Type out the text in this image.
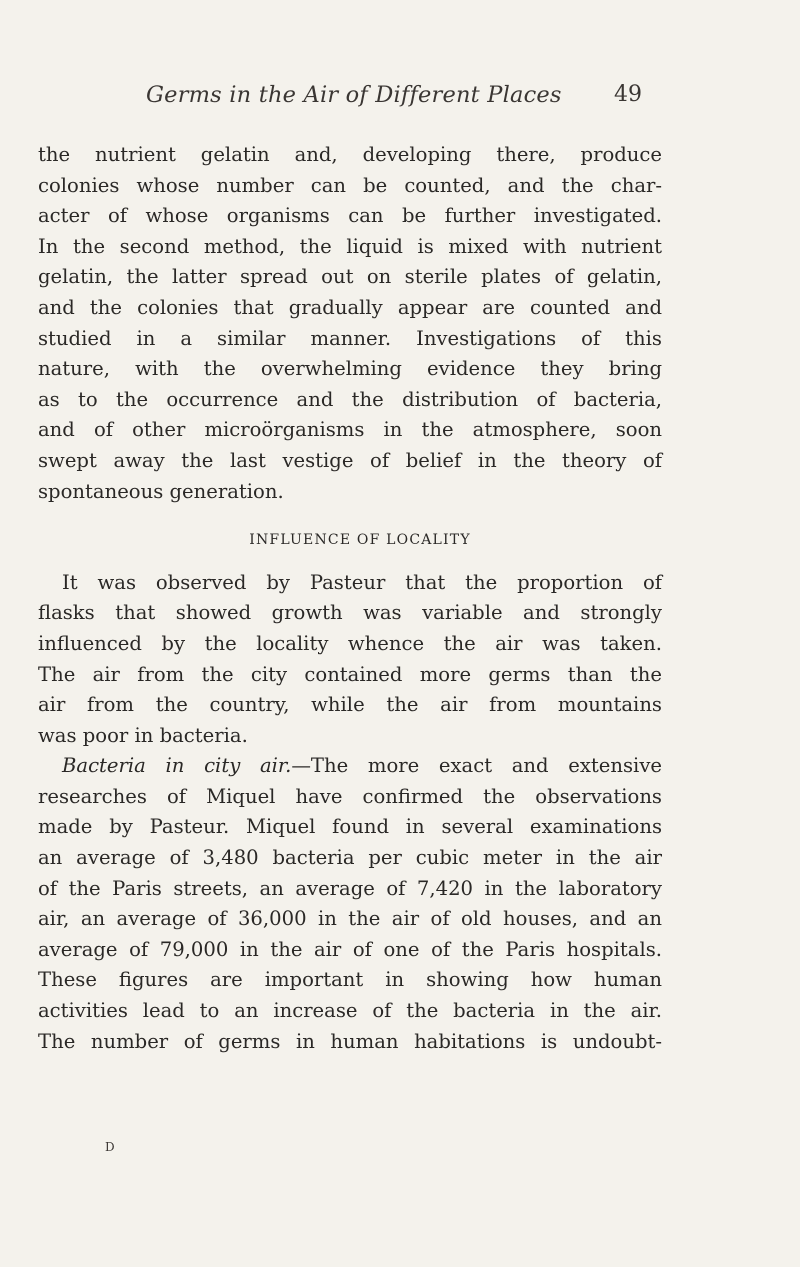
Germs in the Air of Different Places 49
the nutrient gelatin and, developing there, produce
colonies whose number can be counted, and the char-
acter of whose organisms can be further investigated.
In the second method, the liquid is mixed with nutrient
gelatin, the latter spread out on sterile plates of gelatin,
and the colonies that gradually appear are counted and
studied in a similar manner. Investigations of this
nature, with the overwhelming evidence they bring
as to the occurrence and the distribution of bacteria,
and of other microörganisms in the atmosphere, soon
swept away the last vestige of belief in the theory of
spontaneous generation.
INFLUENCE OF LOCALITY
It was observed by Pasteur that the proportion of
flasks that showed growth was variable and strongly
influenced by the locality whence the air was taken.
The air from the city contained more germs than the
air from the country, while the air from mountains
was poor in bacteria.
Bacteria in city air.—The more exact and extensive
researches of Miquel have confirmed the observations
made by Pasteur. Miquel found in several examinations
an average of 3,480 bacteria per cubic meter in the air
of the Paris streets, an average of 7,420 in the laboratory
air, an average of 36,000 in the air of old houses, and an
average of 79,000 in the air of one of the Paris hospitals.
These figures are important in showing how human
activities lead to an increase of the bacteria in the air.
The number of germs in human habitations is undoubt-
D
